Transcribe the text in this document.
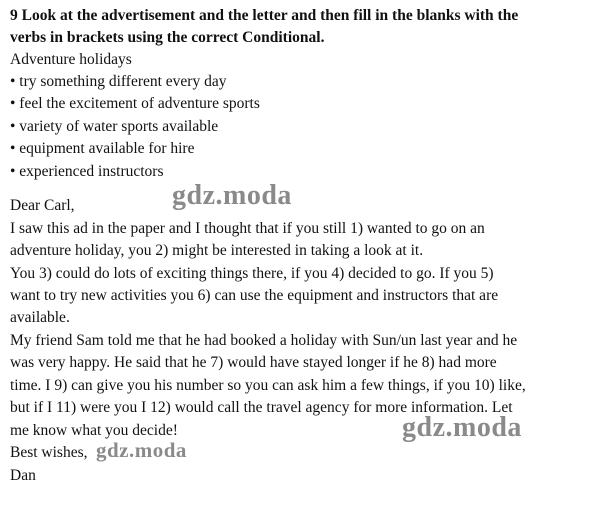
9 Look at the advertisement and the letter and then fill in the blanks with the
verbs in brackets using the correct Conditional.
Adventure holidays
• try something different every day
• feel the excitement of adventure sports
• variety of water sports available
• equipment available for hire
• experienced instructors
Dear Carl,
I saw this ad in the paper and I thought that if you still 1) wanted to go on an
adventure holiday, you 2) might be interested in taking a look at it.
You 3) could do lots of exciting things there, if you 4) decided to go. If you 5)
want to try new activities you 6) can use the equipment and instructors that are
available.
My friend Sam told me that he had booked a holiday with Sun/un last year and he
was very happy. He said that he 7) would have stayed longer if he 8) had more
time. I 9) can give you his number so you can ask him a few things, if you 10) like,
but if I 11) were you I 12) would call the travel agency for more information. Let
me know what you decide!
Best wishes,
Dan
gdz.moda
gdz.moda
gdz.moda
